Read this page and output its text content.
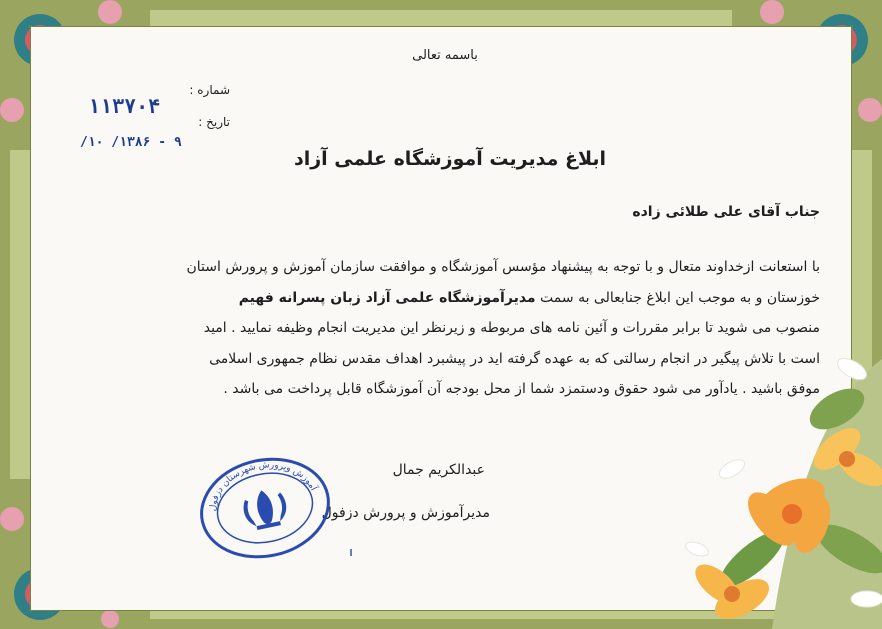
باسمه تعالی
شماره :
تاریخ :
۱۱۳۷۰۴
۹ - ۱۳۸۶/ ۱۰/
ابلاغ مدیریت آموزشگاه علمی آزاد
جناب آقای علی طلائی زاده
با استعانت ازخداوند متعال و با توجه به پیشنهاد مؤسس آموزشگاه و موافقت سازمان آموزش و پرورش استان
خوزستان و به موجب این ابلاغ جنابعالی به سمت مدیرآموزشگاه علمی آزاد زبان پسرانه فهیم
منصوب می شوید تا برابر مقررات و آئین نامه های مربوطه و زیرنظر این مدیریت انجام وظیفه نمایید . امید
است با تلاش پیگیر در انجام رسالتی که به عهده گرفته اید در پیشبرد اهداف مقدس نظام جمهوری اسلامی
موفق باشید . یادآور می شود حقوق ودستمزد شما از محل بودجه آن آموزشگاه قابل پرداخت می باشد .
عبدالکریم جمال
مدیرآموزش و پرورش دزفول
آموزش وپرورش شهرستان دزفول
ǀ
